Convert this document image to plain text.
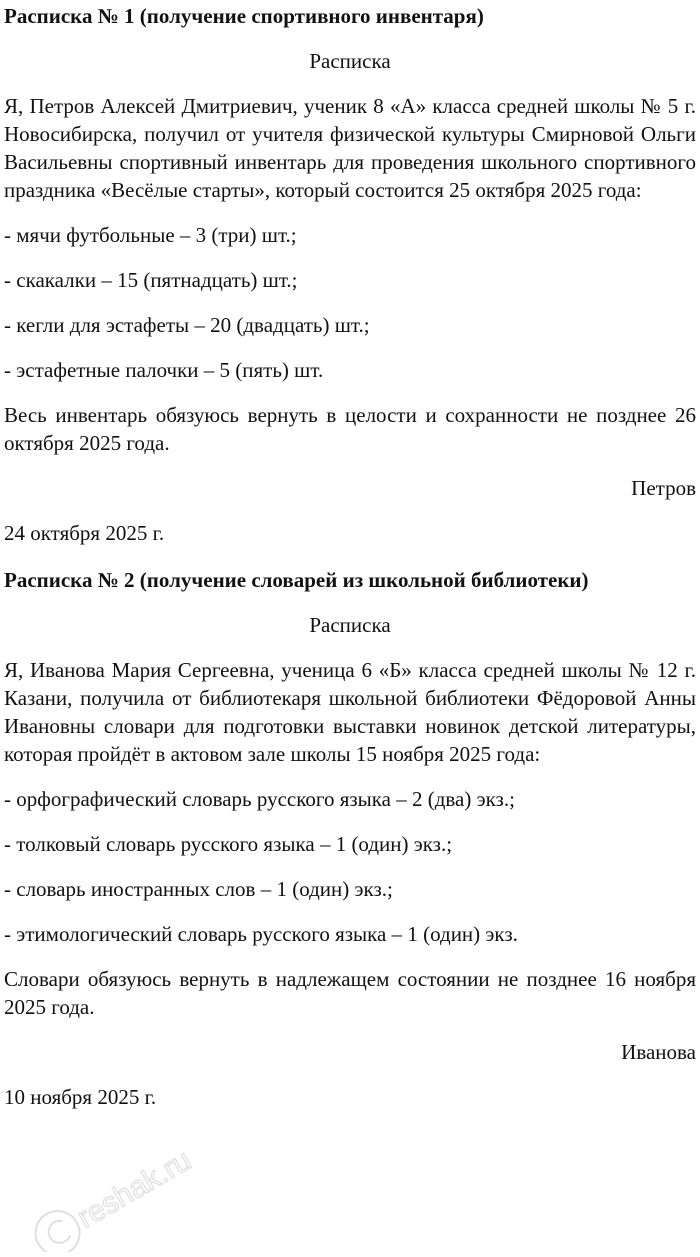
Расписка № 1 (получение спортивного инвентаря)

Расписка

Я, Петров Алексей Дмитриевич, ученик 8 «А» класса средней школы № 5 г. Новосибирска, получил от учителя физической культуры Смирновой Ольги Васильевны спортивный инвентарь для проведения школьного спортивного праздника «Весёлые старты», который состоится 25 октября 2025 года:

- мячи футбольные – 3 (три) шт.;

- скакалки – 15 (пятнадцать) шт.;

- кегли для эстафеты – 20 (двадцать) шт.;

- эстафетные палочки – 5 (пять) шт.

Весь инвентарь обязуюсь вернуть в целости и сохранности не позднее 26 октября 2025 года.

Петров

24 октября 2025 г.

Расписка № 2 (получение словарей из школьной библиотеки)

Расписка

Я, Иванова Мария Сергеевна, ученица 6 «Б» класса средней школы № 12 г. Казани, получила от библиотекаря школьной библиотеки Фёдоровой Анны Ивановны словари для подготовки выставки новинок детской литературы, которая пройдёт в актовом зале школы 15 ноября 2025 года:

- орфографический словарь русского языка – 2 (два) экз.;

- толковый словарь русского языка – 1 (один) экз.;

- словарь иностранных слов – 1 (один) экз.;

- этимологический словарь русского языка – 1 (один) экз.

Словари обязуюсь вернуть в надлежащем состоянии не позднее 16 ноября 2025 года.

Иванова

10 ноября 2025 г.

reshak.ru
